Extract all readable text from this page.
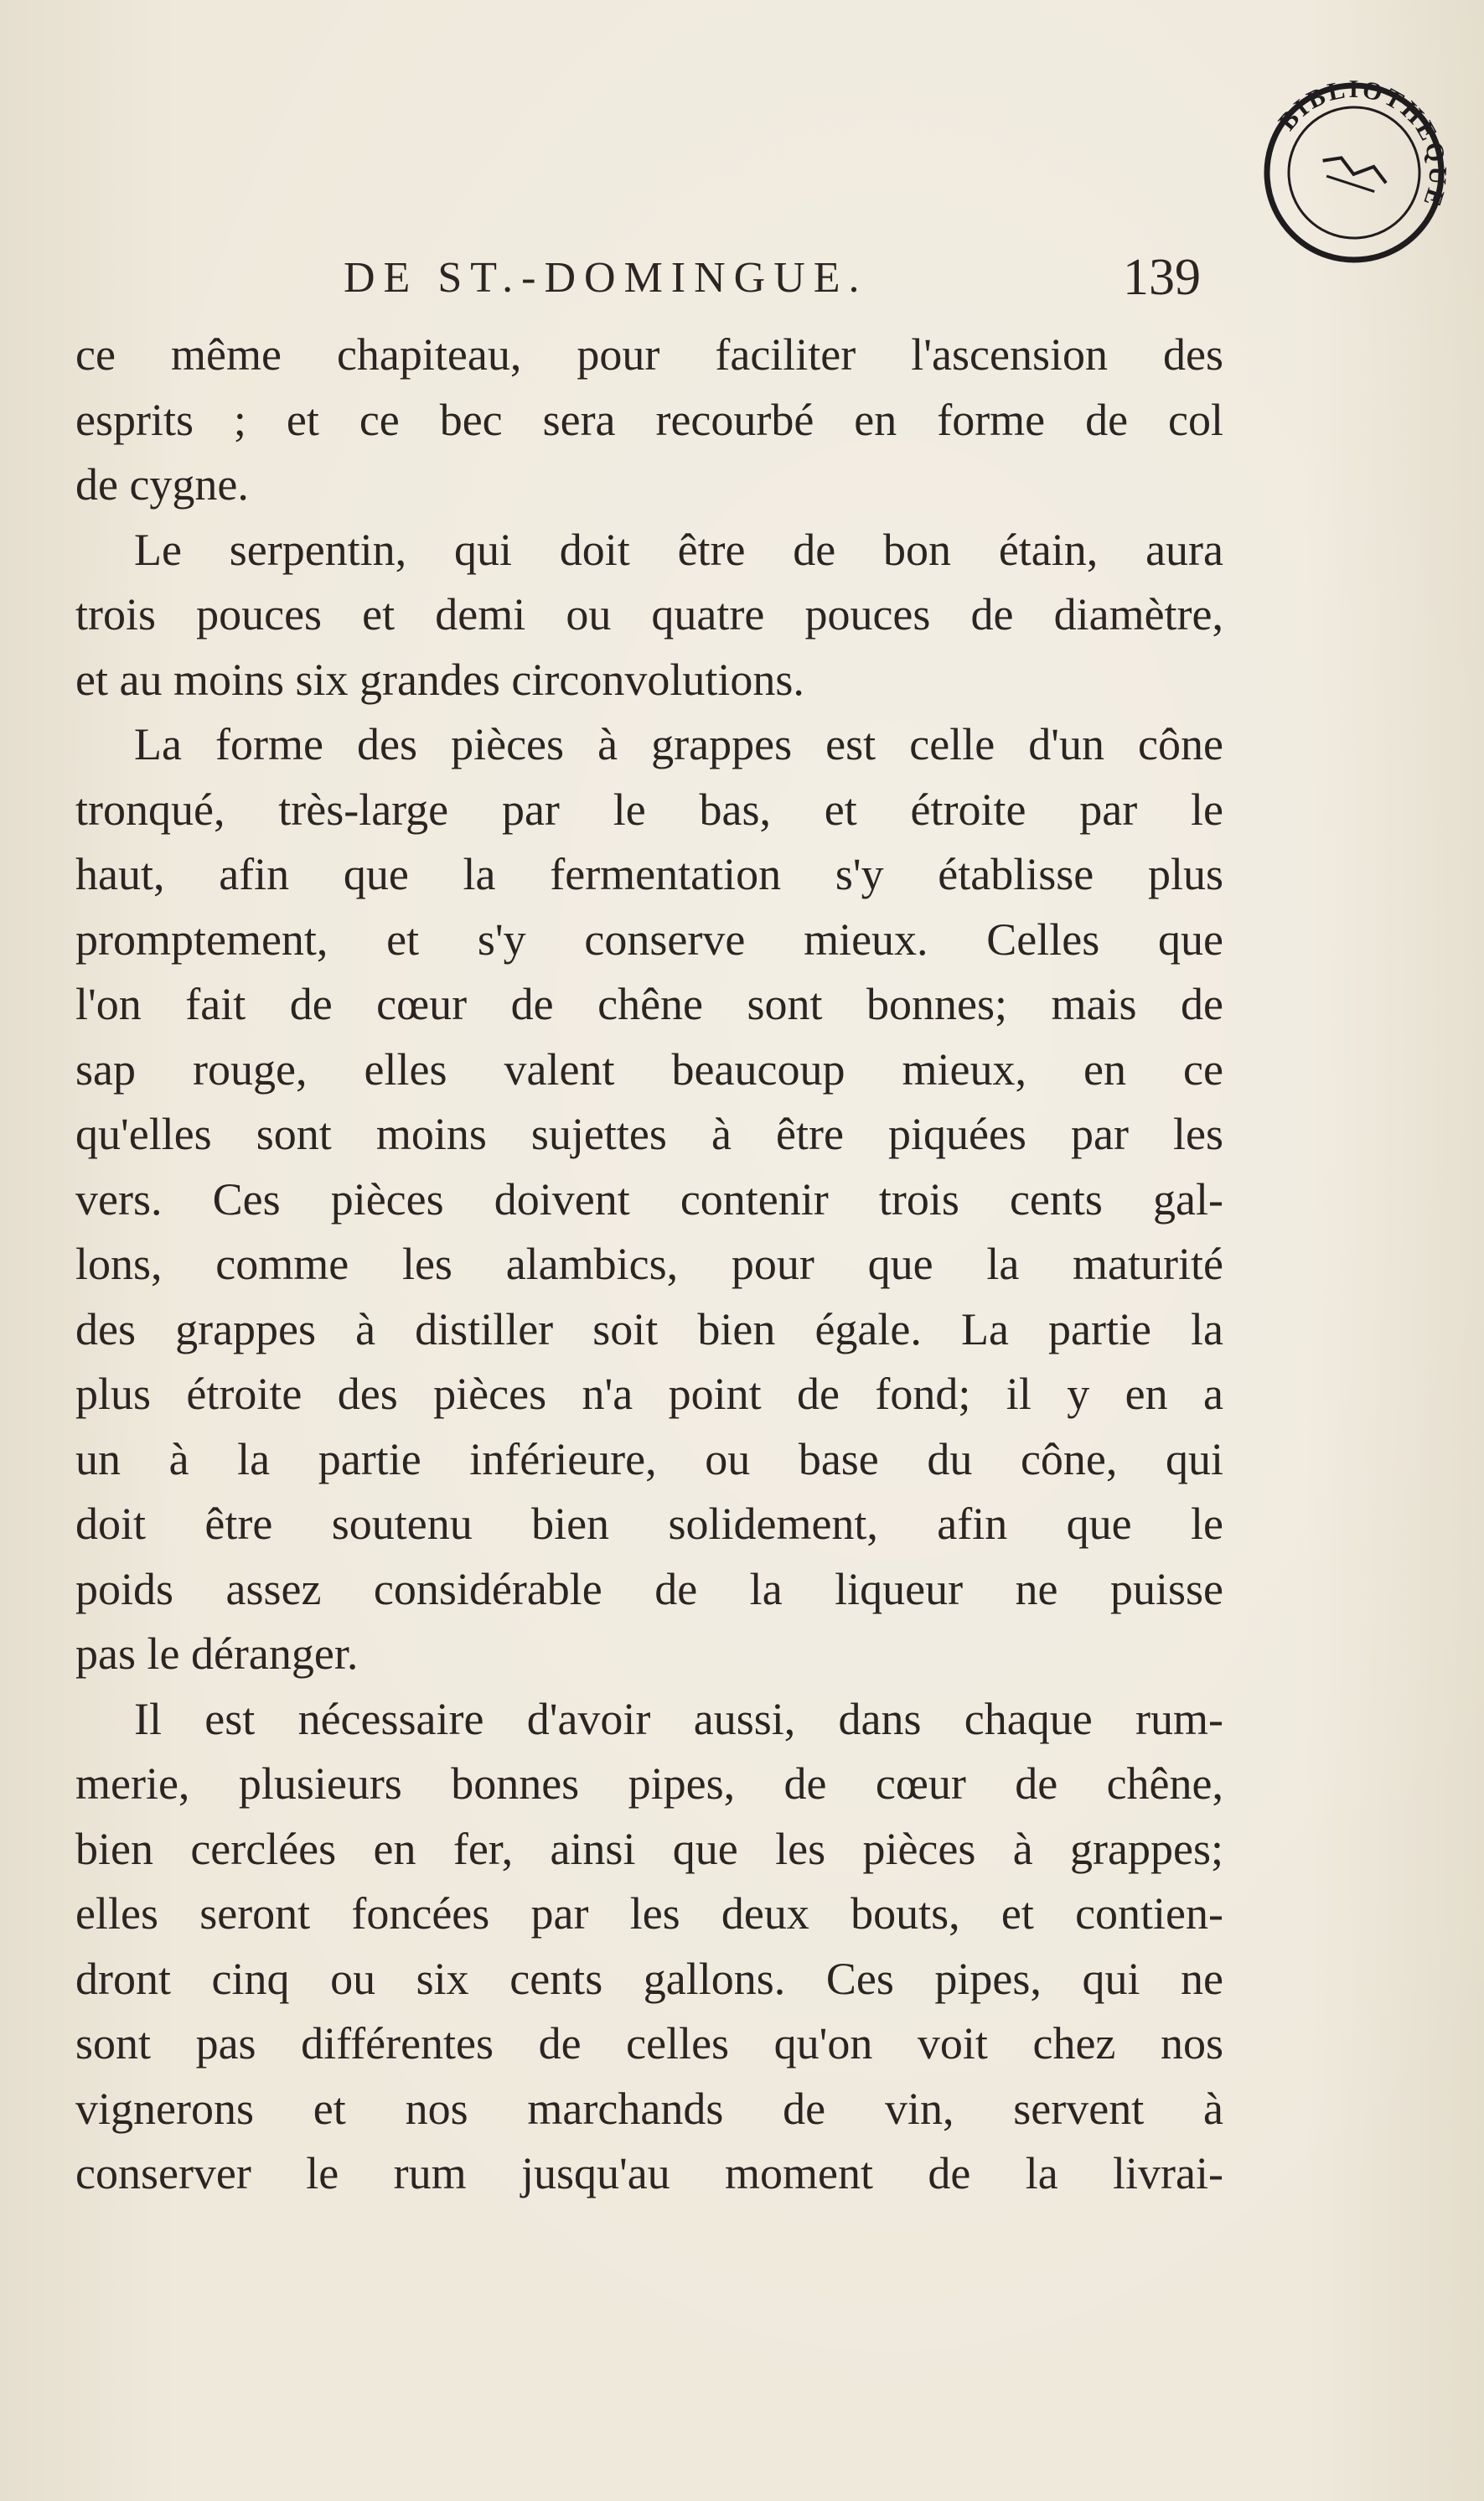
BIBLIOTHEQUE
DE ST.-DOMINGUE.	139
ce même chapiteau, pour faciliter l'ascension des
esprits ; et ce bec sera recourbé en forme de col
de cygne.
Le serpentin, qui doit être de bon étain, aura
trois pouces et demi ou quatre pouces de diamètre,
et au moins six grandes circonvolutions.
La forme des pièces à grappes est celle d'un cône
tronqué, très-large par le bas, et étroite par le
haut, afin que la fermentation s'y établisse plus
promptement, et s'y conserve mieux. Celles que
l'on fait de cœur de chêne sont bonnes; mais de
sap rouge, elles valent beaucoup mieux, en ce
qu'elles sont moins sujettes à être piquées par les
vers. Ces pièces doivent contenir trois cents gal-
lons, comme les alambics, pour que la maturité
des grappes à distiller soit bien égale. La partie la
plus étroite des pièces n'a point de fond; il y en a
un à la partie inférieure, ou base du cône, qui
doit être soutenu bien solidement, afin que le
poids assez considérable de la liqueur ne puisse
pas le déranger.
Il est nécessaire d'avoir aussi, dans chaque rum-
merie, plusieurs bonnes pipes, de cœur de chêne,
bien cerclées en fer, ainsi que les pièces à grappes;
elles seront foncées par les deux bouts, et contien-
dront cinq ou six cents gallons. Ces pipes, qui ne
sont pas différentes de celles qu'on voit chez nos
vignerons et nos marchands de vin, servent à
conserver le rum jusqu'au moment de la livrai-
